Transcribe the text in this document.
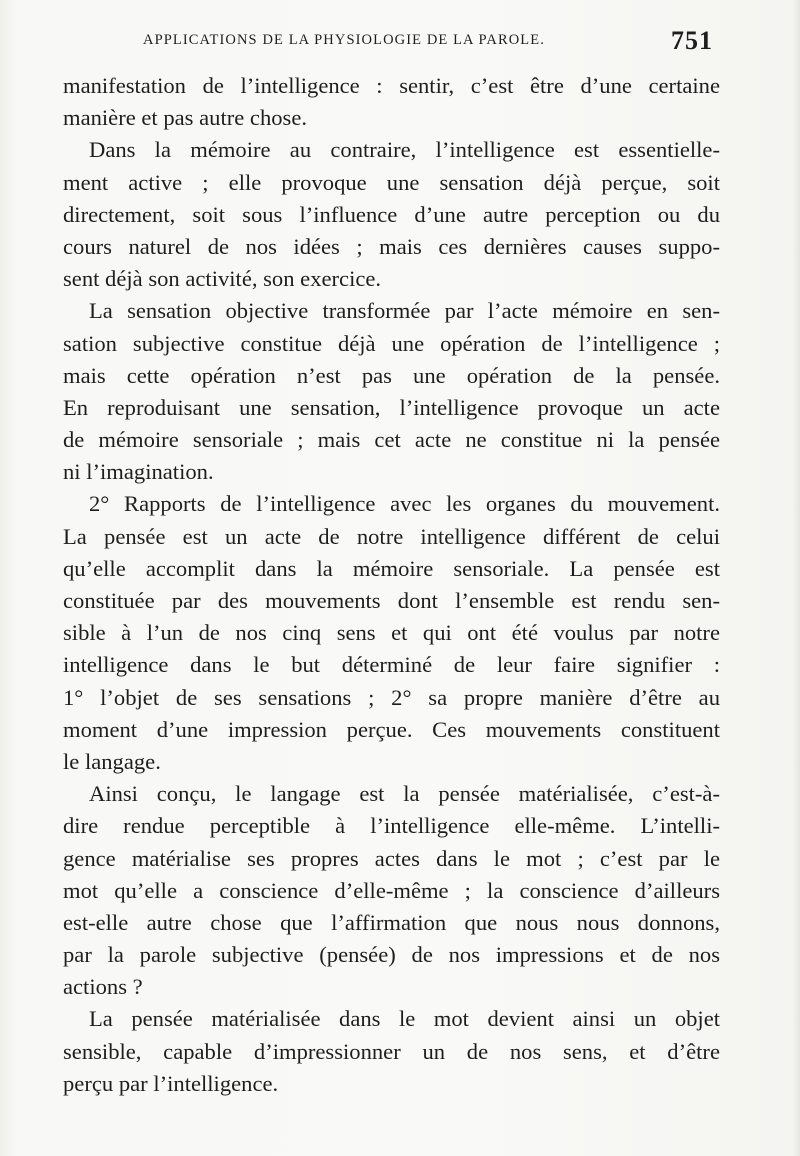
APPLICATIONS DE LA PHYSIOLOGIE DE LA PAROLE.	751
manifestation de l’intelligence : sentir, c’est être d’une certaine
manière et pas autre chose.
Dans la mémoire au contraire, l’intelligence est essentielle-
ment active ; elle provoque une sensation déjà perçue, soit
directement, soit sous l’influence d’une autre perception ou du
cours naturel de nos idées ; mais ces dernières causes suppo-
sent déjà son activité, son exercice.
La sensation objective transformée par l’acte mémoire en sen-
sation subjective constitue déjà une opération de l’intelligence ;
mais cette opération n’est pas une opération de la pensée.
En reproduisant une sensation, l’intelligence provoque un acte
de mémoire sensoriale ; mais cet acte ne constitue ni la pensée
ni l’imagination.
2° Rapports de l’intelligence avec les organes du mouvement.
La pensée est un acte de notre intelligence différent de celui
qu’elle accomplit dans la mémoire sensoriale. La pensée est
constituée par des mouvements dont l’ensemble est rendu sen-
sible à l’un de nos cinq sens et qui ont été voulus par notre
intelligence dans le but déterminé de leur faire signifier :
1° l’objet de ses sensations ; 2° sa propre manière d’être au
moment d’une impression perçue. Ces mouvements constituent
le langage.
Ainsi conçu, le langage est la pensée matérialisée, c’est-à-
dire rendue perceptible à l’intelligence elle-même. L’intelli-
gence matérialise ses propres actes dans le mot ; c’est par le
mot qu’elle a conscience d’elle-même ; la conscience d’ailleurs
est-elle autre chose que l’affirmation que nous nous donnons,
par la parole subjective (pensée) de nos impressions et de nos
actions ?
La pensée matérialisée dans le mot devient ainsi un objet
sensible, capable d’impressionner un de nos sens, et d’être
perçu par l’intelligence.
